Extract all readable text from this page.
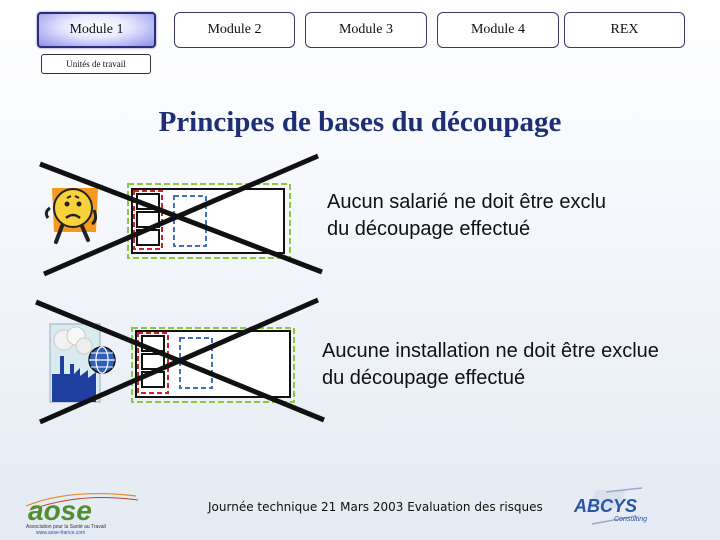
Module 1	Module 2	Module 3	Module 4	REX
Unités de travail
Principes de bases du découpage
Aucun salarié ne doit être exclu
du découpage effectué
Aucune installation ne doit être exclue
du découpage effectué
aose
Association pour la Santé au Travail
www.aose-france.com
Journée technique 21 Mars 2003 Evaluation des risques ABCYS
Consulting
